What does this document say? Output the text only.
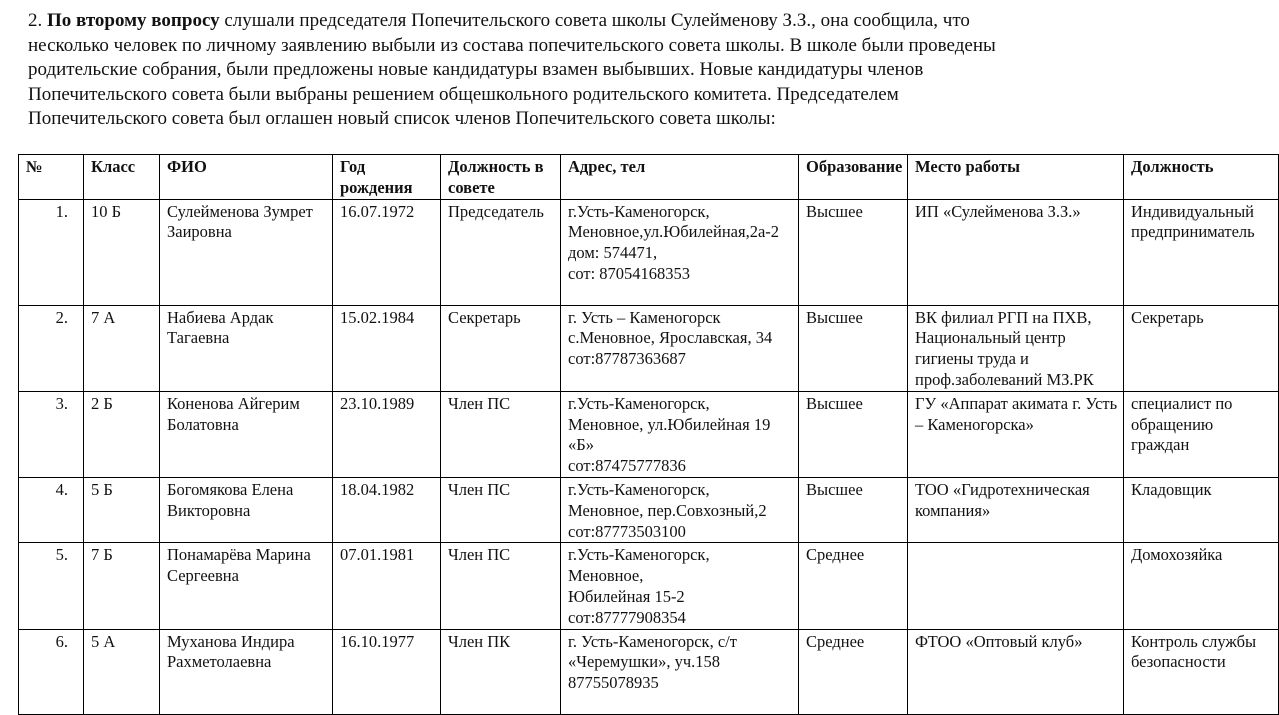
2. По второму вопросу слушали председателя Попечительского совета школы Сулейменову З.З., она сообщила, что
несколько человек по личному заявлению выбыли из состава попечительского совета школы. В школе были проведены
родительские собрания, были предложены новые кандидатуры взамен выбывших. Новые кандидатуры членов
Попечительского совета были выбраны решением общешкольного родительского комитета. Председателем
Попечительского совета был оглашен новый список членов Попечительского совета школы:
№	Класс	ФИО	Год рождения	Должность в совете	Адрес, тел	Образование	Место работы	Должность
1.	10 Б	Сулейменова Зумрет Заировна	16.07.1972	Председатель	г.Усть-Каменогорск,
Меновное,ул.Юбилейная,2а-2
дом: 574471,
сот: 87054168353	Высшее	ИП «Сулейменова З.З.»	Индивидуальный предприниматель
2.	7 А	Набиева Ардак Тагаевна	15.02.1984	Секретарь	г. Усть – Каменогорск
с.Меновное, Ярославская, 34
сот:87787363687	Высшее	ВК филиал РГП на ПХВ, Национальный центр гигиены труда и проф.заболеваний МЗ.РК	Секретарь
3.	2 Б	Коненова Айгерим Болатовна	23.10.1989	Член ПС	г.Усть-Каменогорск,
Меновное, ул.Юбилейная 19 «Б»
сот:87475777836	Высшее	ГУ «Аппарат акимата г. Усть – Каменогорска»	специалист по обращению граждан
4.	5 Б	Богомякова Елена Викторовна	18.04.1982	Член ПС	г.Усть-Каменогорск,
Меновное, пер.Совхозный,2
сот:87773503100	Высшее	ТОО «Гидротехническая компания»	Кладовщик
5.	7 Б	Понамарёва Марина Сергеевна	07.01.1981	Член ПС	г.Усть-Каменогорск,
Меновное,
Юбилейная 15-2
сот:87777908354	Среднее		Домохозяйка
6.	5 А	Муханова Индира Рахметолаевна	16.10.1977	Член ПК	г. Усть-Каменогорск, с/т «Черемушки», уч.158
87755078935	Среднее	ФТОО «Оптовый клуб»	Контроль службы безопасности
